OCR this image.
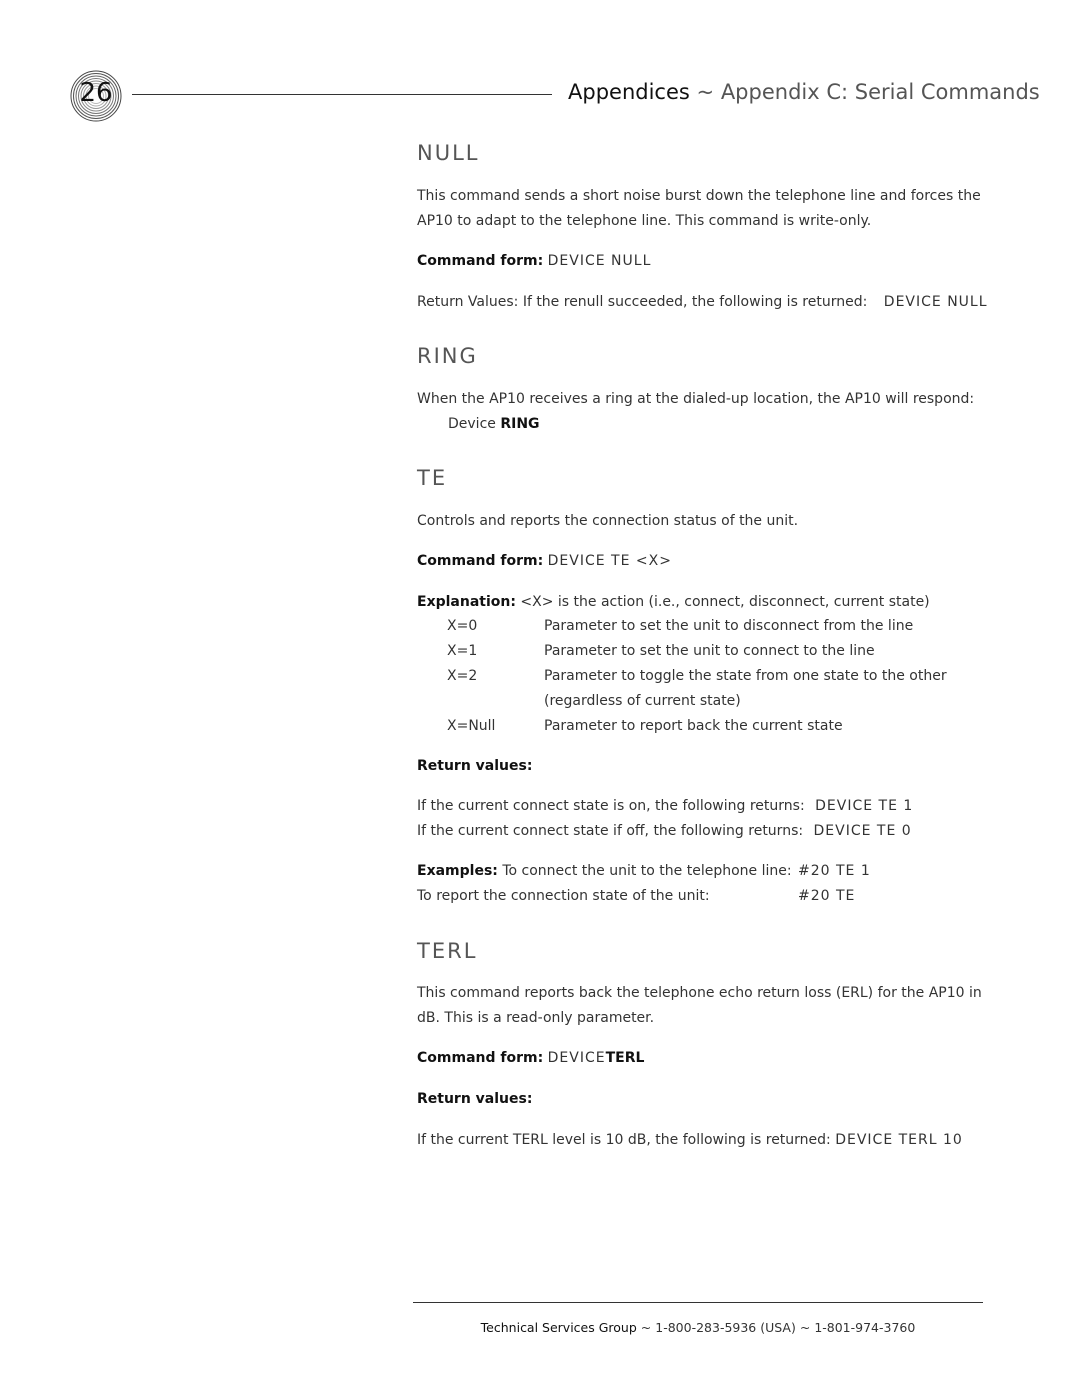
26	Appendices ~ Appendix C: Serial Commands
NULL

This command sends a short noise burst down the telephone line and forces the

AP10 to adapt to the telephone line. This command is write-only.

Command form: DEVICE NULL

Return Values: If the renull succeeded, the following is returned: DEVICE NULL

RING

When the AP10 receives a ring at the dialed-up location, the AP10 will respond:

Device RING

TE

Controls and reports the connection status of the unit.

Command form: DEVICE TE <X>

Explanation: <X> is the action (i.e., connect, disconnect, current state)

X=0	Parameter to set the unit to disconnect from the line
X=1	Parameter to set the unit to connect to the line
X=2	Parameter to toggle the state from one state to the other
(regardless of current state)
X=Null	Parameter to report back the current state

Return values:

If the current connect state is on, the following returns: DEVICE TE 1

If the current connect state if off, the following returns: DEVICE TE 0

Examples: To connect the unit to the telephone line: #20 TE 1
To report the connection state of the unit:	#20 TE
TERL

This command reports back the telephone echo return loss (ERL) for the AP10 in

dB. This is a read-only parameter.

Command form: DEVICETERL

Return values:

If the current TERL level is 10 dB, the following is returned: DEVICE TERL 10

Technical Services Group ~ 1-800-283-5936 (USA) ~ 1-801-974-3760
